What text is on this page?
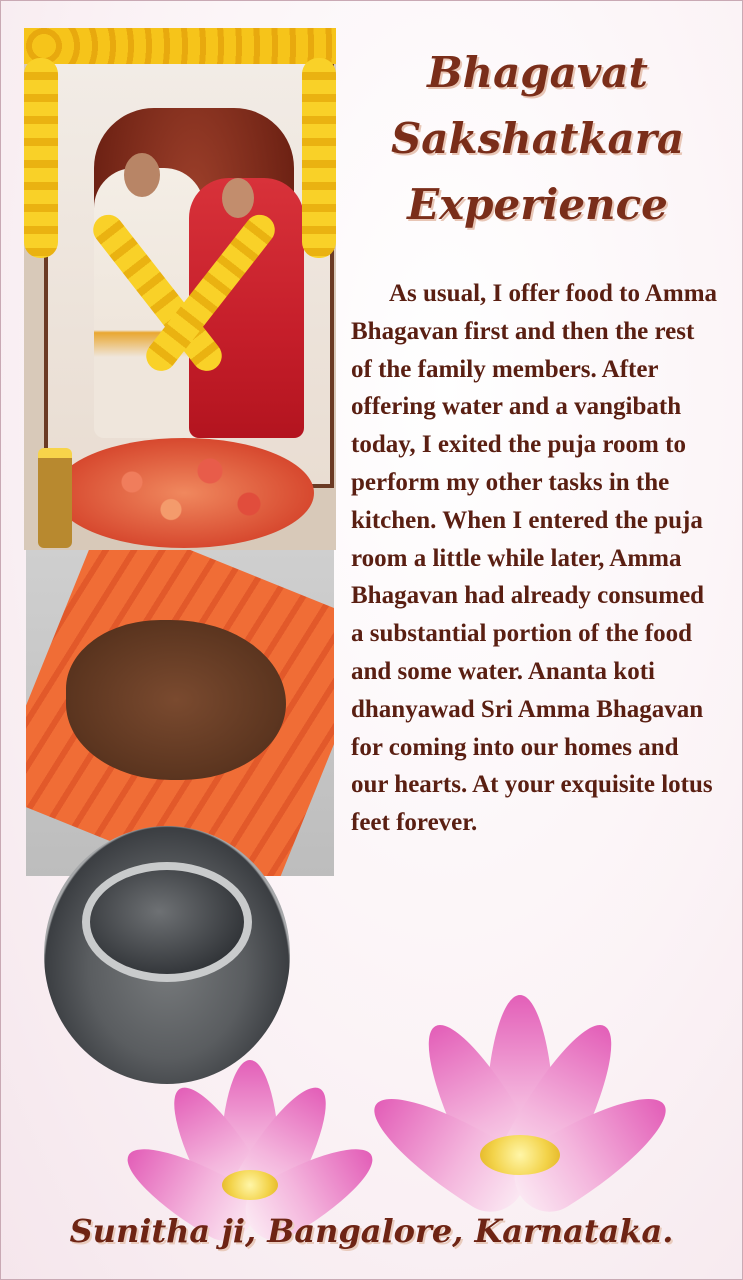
Bhagavat
Sakshatkara
Experience

As usual, I offer food to Amma Bhagavan first and then the rest of the family members. After offering water and a vangibath today, I exited the puja room to perform my other tasks in the kitchen. When I entered the puja room a little while later, Amma Bhagavan had already consumed a substantial portion of the food and some water. Ananta koti dhanyawad Sri Amma Bhagavan for coming into our homes and our hearts. At your exquisite lotus feet forever.

Sunitha ji, Bangalore, Karnataka.
